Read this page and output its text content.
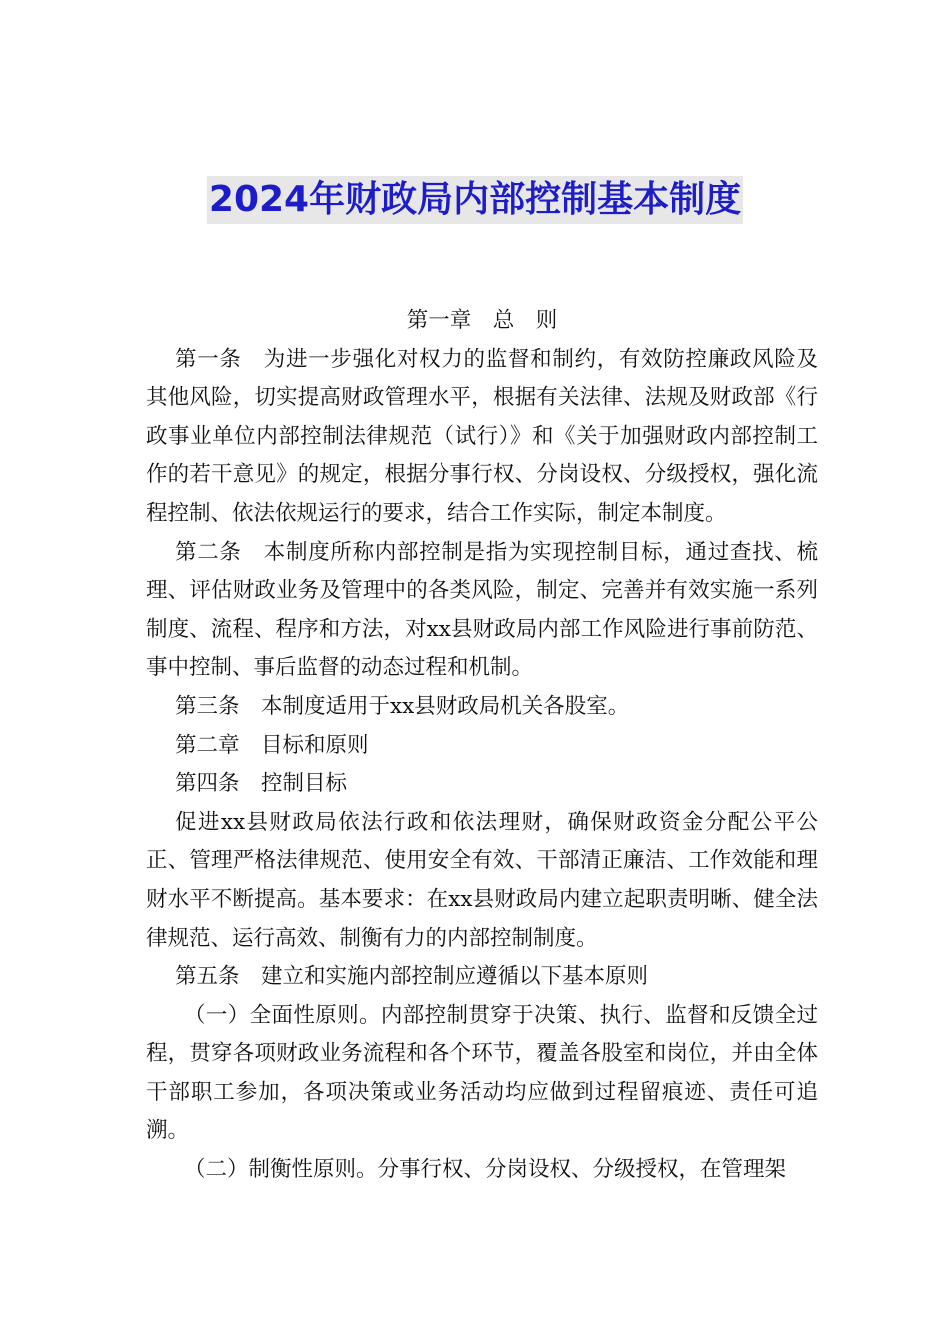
2024年财政局内部控制基本制度

第一章　总　则

第一条　为进一步强化对权力的监督和制约，有效防控廉政风险及其他风险，切实提高财政管理水平，根据有关法律、法规及财政部《行政事业单位内部控制法律规范（试行）》和《关于加强财政内部控制工作的若干意见》的规定，根据分事行权、分岗设权、分级授权，强化流程控制、依法依规运行的要求，结合工作实际，制定本制度。

第二条　本制度所称内部控制是指为实现控制目标，通过查找、梳理、评估财政业务及管理中的各类风险，制定、完善并有效实施一系列制度、流程、程序和方法，对xx县财政局内部工作风险进行事前防范、事中控制、事后监督的动态过程和机制。

第三条　本制度适用于xx县财政局机关各股室。

第二章　目标和原则

第四条　控制目标

促进xx县财政局依法行政和依法理财，确保财政资金分配公平公正、管理严格法律规范、使用安全有效、干部清正廉洁、工作效能和理财水平不断提高。基本要求：在xx县财政局内建立起职责明晰、健全法律规范、运行高效、制衡有力的内部控制制度。

第五条　建立和实施内部控制应遵循以下基本原则

（一）全面性原则。内部控制贯穿于决策、执行、监督和反馈全过程，贯穿各项财政业务流程和各个环节，覆盖各股室和岗位，并由全体干部职工参加，各项决策或业务活动均应做到过程留痕迹、责任可追溯。

（二）制衡性原则。分事行权、分岗设权、分级授权，在管理架
